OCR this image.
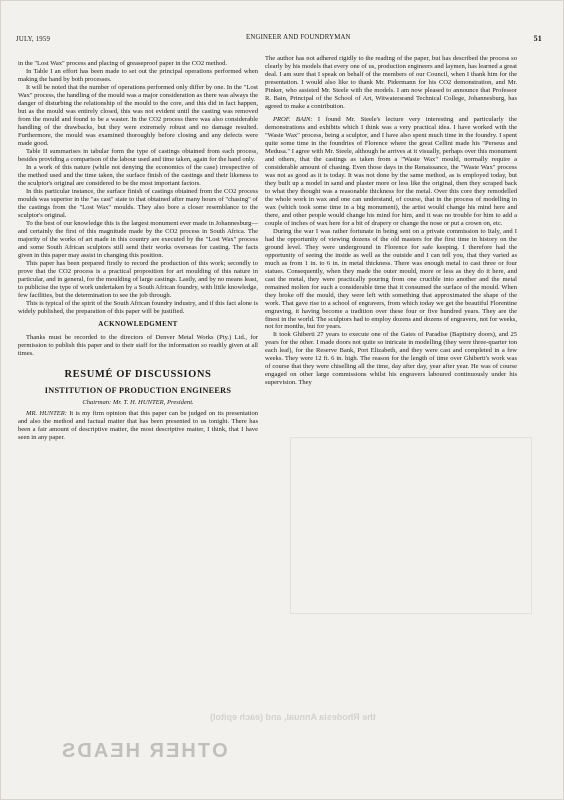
JULY, 1959	ENGINEER AND FOUNDRYMAN	51

in the "Lost Wax" process and placing of greaseproof paper in the CO2 method.

In Table I an effort has been made to set out the principal operations performed when making the hand by both processes.

It will be noted that the number of operations performed only differ by one. In the "Lost Wax" process, the handling of the mould was a major consideration as there was always the danger of disturbing the relationship of the mould to the core, and this did in fact happen, but as the mould was entirely closed, this was not evident until the casting was removed from the mould and found to be a waster. In the CO2 process there was also considerable handling of the drawbacks, but they were extremely robust and no damage resulted. Furthermore, the mould was examined thoroughly before closing and any defects were made good.

Table II summarises in tabular form the type of castings obtained from each process, besides providing a comparison of the labour used and time taken, again for the hand only.

In a work of this nature (while not denying the economics of the case) irrespective of the method used and the time taken, the surface finish of the castings and their likeness to the sculptor's original are considered to be the most important factors.

In this particular instance, the surface finish of castings obtained from the CO2 process moulds was superior in the "as cast" state to that obtained after many hours of "chasing" of the castings from the "Lost Wax" moulds. They also bore a closer resemblance to the sculptor's original.

To the best of our knowledge this is the largest monument ever made in Johannesburg—and certainly the first of this magnitude made by the CO2 process in South Africa. The majority of the works of art made in this country are executed by the "Lost Wax" process and some South African sculptors still send their works overseas for casting. The facts given in this paper may assist in changing this position.

This paper has been prepared firstly to record the production of this work; secondly to prove that the CO2 process is a practical proposition for art moulding of this nature in particular, and in general, for the moulding of large castings. Lastly, and by no means least, to publicise the type of work undertaken by a South African foundry, with little knowledge, few facilities, but the determination to see the job through.

This is typical of the spirit of the South African foundry industry, and if this fact alone is widely published, the preparation of this paper will be justified.

ACKNOWLEDGMENT

Thanks must be recorded to the directors of Denver Metal Works (Pty.) Ltd., for permission to publish this paper and to their staff for the information so readily given at all times.

RESUMÉ OF DISCUSSIONS
INSTITUTION OF PRODUCTION ENGINEERS
Chairman: Mr. T. H. HUNTER, President.

MR. HUNTER: It is my firm opinion that this paper can be judged on its presentation and also the method and factual matter that has been presented to us tonight. There has been a fair amount of descriptive matter, the most descriptive matter, I think, that I have seen in any paper.

The author has not adhered rigidly to the reading of the paper, but has described the process so clearly by his models that every one of us, production engineers and laymen, has learned a great deal. I am sure that I speak on behalf of the members of our Council, when I thank him for the presentation. I would also like to thank Mr. Pidermann for his CO2 demonstration, and Mr. Pinker, who assisted Mr. Steele with the models. I am now pleased to announce that Professor R. Bain, Principal of the School of Art, Witwatersrand Technical College, Johannesburg, has agreed to make a contribution.

PROF. BAIN: I found Mr. Steele's lecture very interesting and particularly the demonstrations and exhibits which I think was a very practical idea. I have worked with the "Waste Wax" process, being a sculptor, and I have also spent much time in the foundry. I spent quite some time in the foundries of Florence where the great Cellini made his "Perseus and Medusa." I agree with Mr. Steele, although he arrives at it visually, perhaps over this monument and others, that the castings as taken from a "Waste Wax" mould, normally require a considerable amount of chasing. Even those days in the Renaissance, the "Waste Wax" process was not as good as it is today. It was not done by the same method, as is employed today, but they built up a model in sand and plaster more or less like the original, then they scraped back to what they thought was a reasonable thickness for the metal. Over this core they remodelled the whole work in wax and one can understand, of course, that in the process of modelling in wax (which took some time in a big monument), the artist would change his mind here and there, and other people would change his mind for him, and it was no trouble for him to add a couple of inches of wax here for a bit of drapery or change the nose or put a crown on, etc.

During the war I was rather fortunate in being sent on a private commission to Italy, and I had the opportunity of viewing dozens of the old masters for the first time in history on the ground level. They were underground in Florence for safe keeping. I therefore had the opportunity of seeing the inside as well as the outside and I can tell you, that they varied as much as from 1 in. to 6 in. in metal thickness. There was enough metal to cast three or four statues. Consequently, when they made the outer mould, more or less as they do it here, and cast the metal, they were practically pouring from one crucible into another and the metal remained molten for such a considerable time that it consumed the surface of the mould. When they broke off the mould, they were left with something that approximated the shape of the work. That gave rise to a school of engravers, from which today we get the beautiful Florentine engraving, it having become a tradition over these four or five hundred years. They are the finest in the world. The sculptors had to employ dozens and dozens of engravers, not for weeks, not for months, but for years.

It took Ghiberti 27 years to execute one of the Gates of Paradise (Baptistry doors), and 25 years for the other. I made doors not quite so intricate in modelling (they were three-quarter ton each leaf), for the Reserve Bank, Port Elizabeth, and they were cast and completed in a few weeks. They were 12 ft. 6 in. high. The reason for the length of time over Ghiberti's work was of course that they were chiselling all the time, day after day, year after year. He was of course engaged on other large commissions whilst his engravers laboured continuously under his supervision. They

the Rhodesia Annual, and (each epitol)
OTHER HEADS
